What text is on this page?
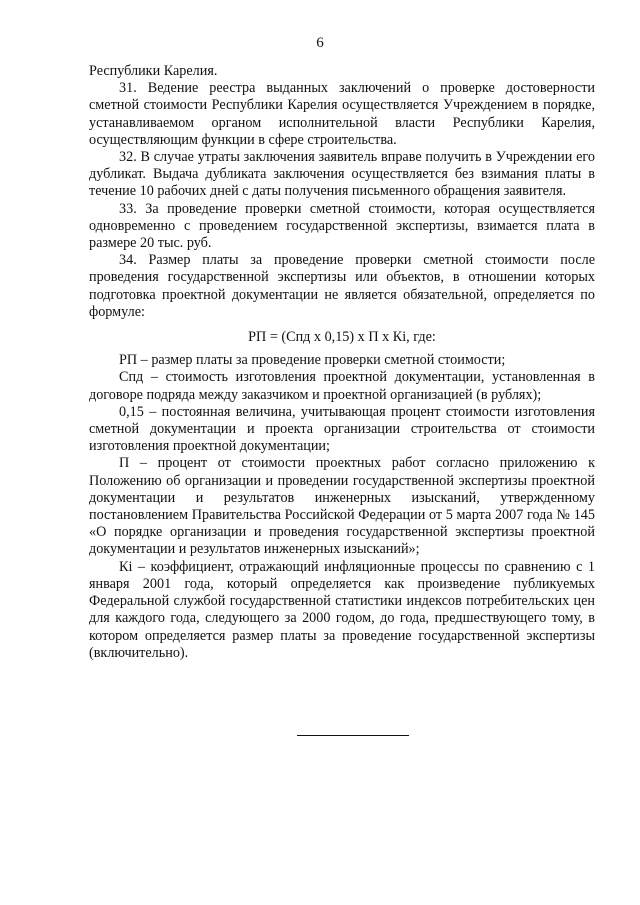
6

Республики Карелия.

31. Ведение реестра выданных заключений о проверке достоверности сметной стоимости Республики Карелия осуществляется Учреждением в порядке, устанавливаемом органом исполнительной власти Республики Карелия, осуществляющим функции в сфере строительства.

32. В случае утраты заключения заявитель вправе получить в Учреждении его дубликат. Выдача дубликата заключения осуществляется без взимания платы в течение 10 рабочих дней с даты получения письменного обращения заявителя.

33. За проведение проверки сметной стоимости, которая осуществляется одновременно с проведением государственной экспертизы, взимается плата в размере 20 тыс. руб.

34. Размер платы за проведение проверки сметной стоимости после проведения государственной экспертизы или объектов, в отношении которых подготовка проектной документации не является обязательной, определяется по формуле:

РП = (Спд x 0,15) x П x Кi, где:

РП – размер платы за проведение проверки сметной стоимости;

Спд – стоимость изготовления проектной документации, установленная в договоре подряда между заказчиком и проектной организацией (в рублях);

0,15 – постоянная величина, учитывающая процент стоимости изготовления сметной документации и проекта организации строительства от стоимости изготовления проектной документации;

П – процент от стоимости проектных работ согласно приложению к Положению об организации и проведении государственной экспертизы проектной документации и результатов инженерных изысканий, утвержденному постановлением Правительства Российской Федерации от 5 марта 2007 года № 145 «О порядке организации и проведения государственной экспертизы проектной документации и результатов инженерных изысканий»;

Кi – коэффициент, отражающий инфляционные процессы по сравнению с 1 января 2001 года, который определяется как произведение публикуемых Федеральной службой государственной статистики индексов потребительских цен для каждого года, следующего за 2000 годом, до года, предшествующего тому, в котором определяется размер платы за проведение государственной экспертизы (включительно).
